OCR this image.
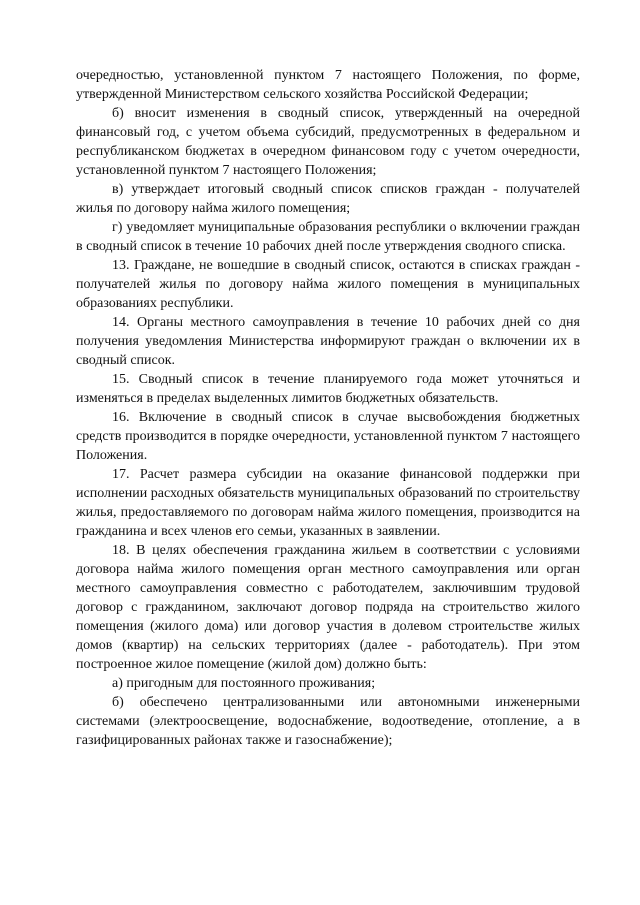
очередностью, установленной пунктом 7 настоящего Положения, по форме, утвержденной Министерством сельского хозяйства Российской Федерации;

б) вносит изменения в сводный список, утвержденный на очередной финансовый год, с учетом объема субсидий, предусмотренных в федеральном и республиканском бюджетах в очередном финансовом году с учетом очередности, установленной пунктом 7 настоящего Положения;

в) утверждает итоговый сводный список списков граждан - получателей жилья по договору найма жилого помещения;

г) уведомляет муниципальные образования республики о включении граждан в сводный список в течение 10 рабочих дней после утверждения сводного списка.

13. Граждане, не вошедшие в сводный список, остаются в списках граждан - получателей жилья по договору найма жилого помещения в муниципальных образованиях республики.

14. Органы местного самоуправления в течение 10 рабочих дней со дня получения уведомления Министерства информируют граждан о включении их в сводный список.

15. Сводный список в течение планируемого года может уточняться и изменяться в пределах выделенных лимитов бюджетных обязательств.

16. Включение в сводный список в случае высвобождения бюджетных средств производится в порядке очередности, установленной пунктом 7 настоящего Положения.

17. Расчет размера субсидии на оказание финансовой поддержки при исполнении расходных обязательств муниципальных образований по строительству жилья, предоставляемого по договорам найма жилого помещения, производится на гражданина и всех членов его семьи, указанных в заявлении.

18. В целях обеспечения гражданина жильем в соответствии с условиями договора найма жилого помещения орган местного самоуправления или орган местного самоуправления совместно с работодателем, заключившим трудовой договор с гражданином, заключают договор подряда на строительство жилого помещения (жилого дома) или договор участия в долевом строительстве жилых домов (квартир) на сельских территориях (далее - работодатель). При этом построенное жилое помещение (жилой дом) должно быть:

а) пригодным для постоянного проживания;

б) обеспечено централизованными или автономными инженерными системами (электроосвещение, водоснабжение, водоотведение, отопление, а в газифицированных районах также и газоснабжение);
